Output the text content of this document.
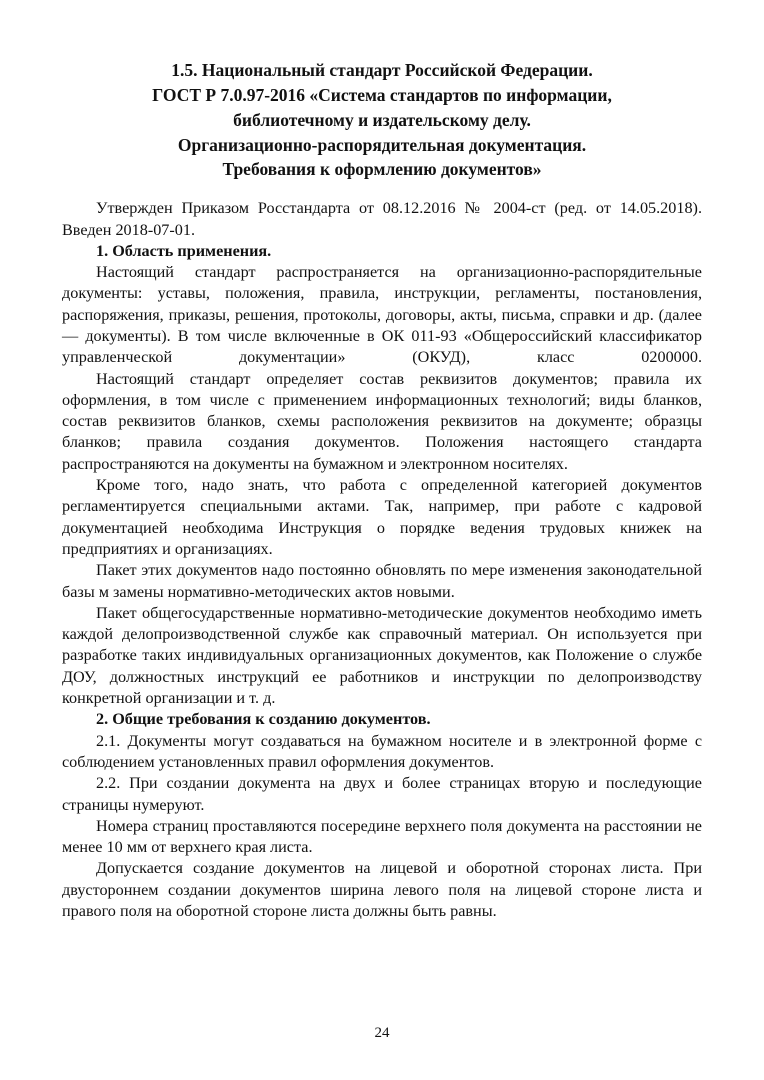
1.5. Национальный стандарт Российской Федерации.
ГОСТ Р 7.0.97-2016 «Система стандартов по информации,
библиотечному и издательскому делу.
Организационно-распорядительная документация.
Требования к оформлению документов»

Утвержден Приказом Росстандарта от 08.12.2016 № 2004-ст (ред. от 14.05.2018). Введен 2018-07-01.

1. Область применения.

Настоящий стандарт распространяется на организационно-распорядительные документы: уставы, положения, правила, инструкции, регламенты, постановления, распоряжения, приказы, решения, протоколы, договоры, акты, письма, справки и др. (далее — документы). В том числе включенные в ОК 011-93 «Общероссийский классификатор управленческой документации» (ОКУД), класс 0200000.

Настоящий стандарт определяет состав реквизитов документов; правила их оформления, в том числе с применением информационных технологий; виды бланков, состав реквизитов бланков, схемы расположения реквизитов на документе; образцы бланков; правила создания документов. Положения настоящего стандарта распространяются на документы на бумажном и электронном носителях.

Кроме того, надо знать, что работа с определенной категорией документов регламентируется специальными актами. Так, например, при работе с кадровой документацией необходима Инструкция о порядке ведения трудовых книжек на предприятиях и организациях.

Пакет этих документов надо постоянно обновлять по мере изменения законодательной базы м замены нормативно-методических актов новыми.

Пакет общегосударственные нормативно-методические документов необходимо иметь каждой делопроизводственной службе как справочный материал. Он используется при разработке таких индивидуальных организационных документов, как Положение о службе ДОУ, должностных инструкций ее работников и инструкции по делопроизводству конкретной организации и т. д.

2. Общие требования к созданию документов.

2.1. Документы могут создаваться на бумажном носителе и в электронной форме с соблюдением установленных правил оформления документов.

2.2. При создании документа на двух и более страницах вторую и последующие страницы нумеруют.

Номера страниц проставляются посередине верхнего поля документа на расстоянии не менее 10 мм от верхнего края листа.

Допускается создание документов на лицевой и оборотной сторонах листа. При двустороннем создании документов ширина левого поля на лицевой стороне листа и правого поля на оборотной стороне листа должны быть равны.

24
